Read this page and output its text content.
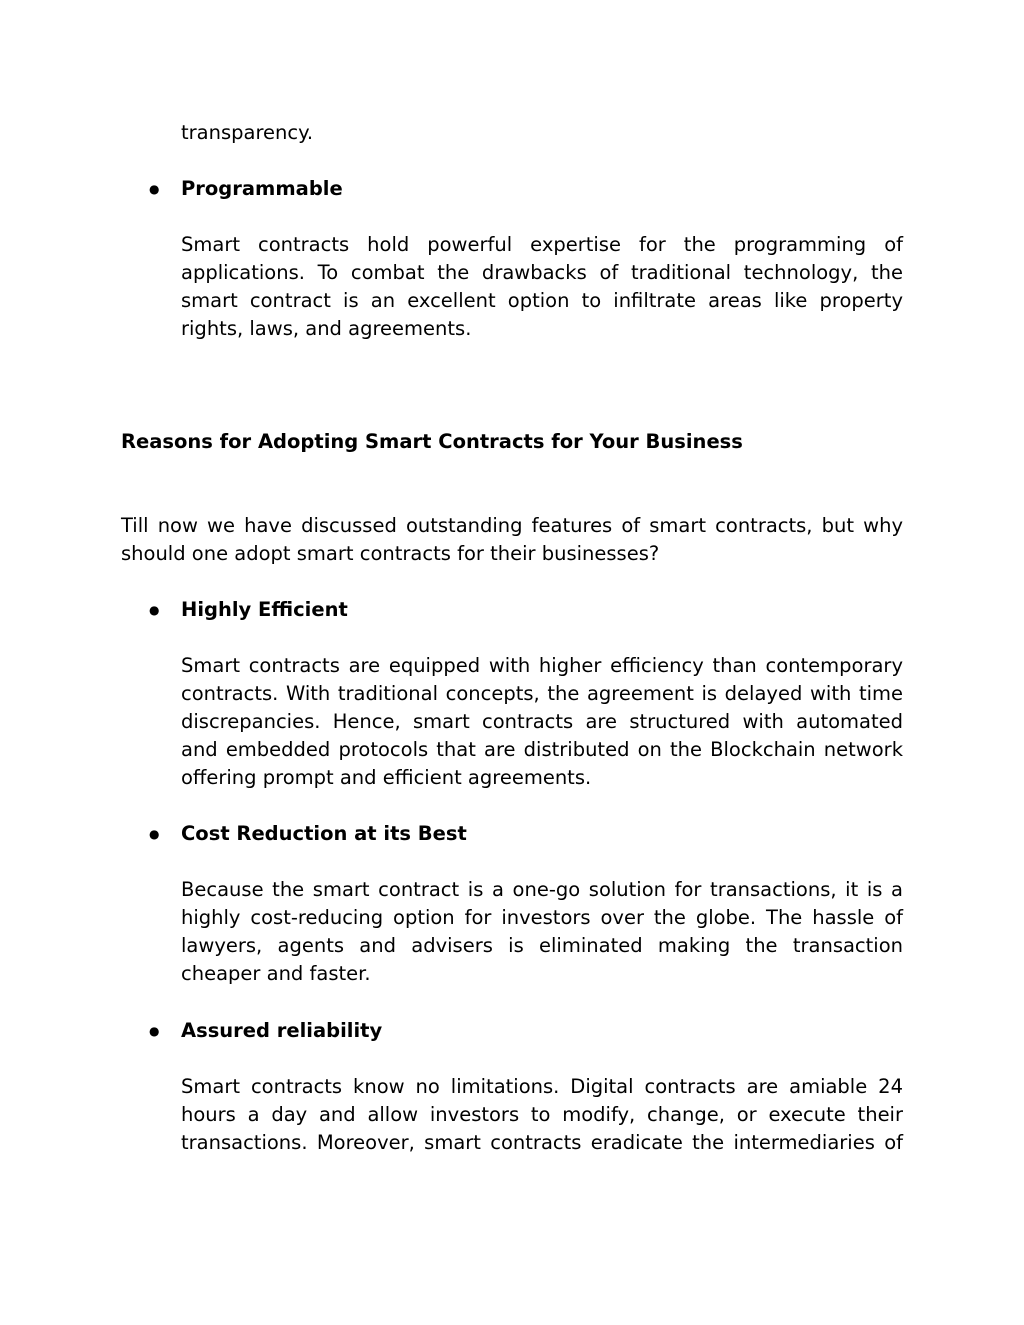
transparency.

● Programmable

Smart contracts hold powerful expertise for the programming of applications. To combat the drawbacks of traditional technology, the smart contract is an excellent option to infiltrate areas like property rights, laws, and agreements.

Reasons for Adopting Smart Contracts for Your Business

Till now we have discussed outstanding features of smart contracts, but why should one adopt smart contracts for their businesses?

● Highly Efficient

Smart contracts are equipped with higher efficiency than contemporary contracts. With traditional concepts, the agreement is delayed with time discrepancies. Hence, smart contracts are structured with automated and embedded protocols that are distributed on the Blockchain network offering prompt and efficient agreements.

● Cost Reduction at its Best

Because the smart contract is a one-go solution for transactions, it is a highly cost-reducing option for investors over the globe. The hassle of lawyers, agents and advisers is eliminated making the transaction cheaper and faster.

● Assured reliability

Smart contracts know no limitations. Digital contracts are amiable 24 hours a day and allow investors to modify, change, or execute their transactions. Moreover, smart contracts eradicate the intermediaries of
